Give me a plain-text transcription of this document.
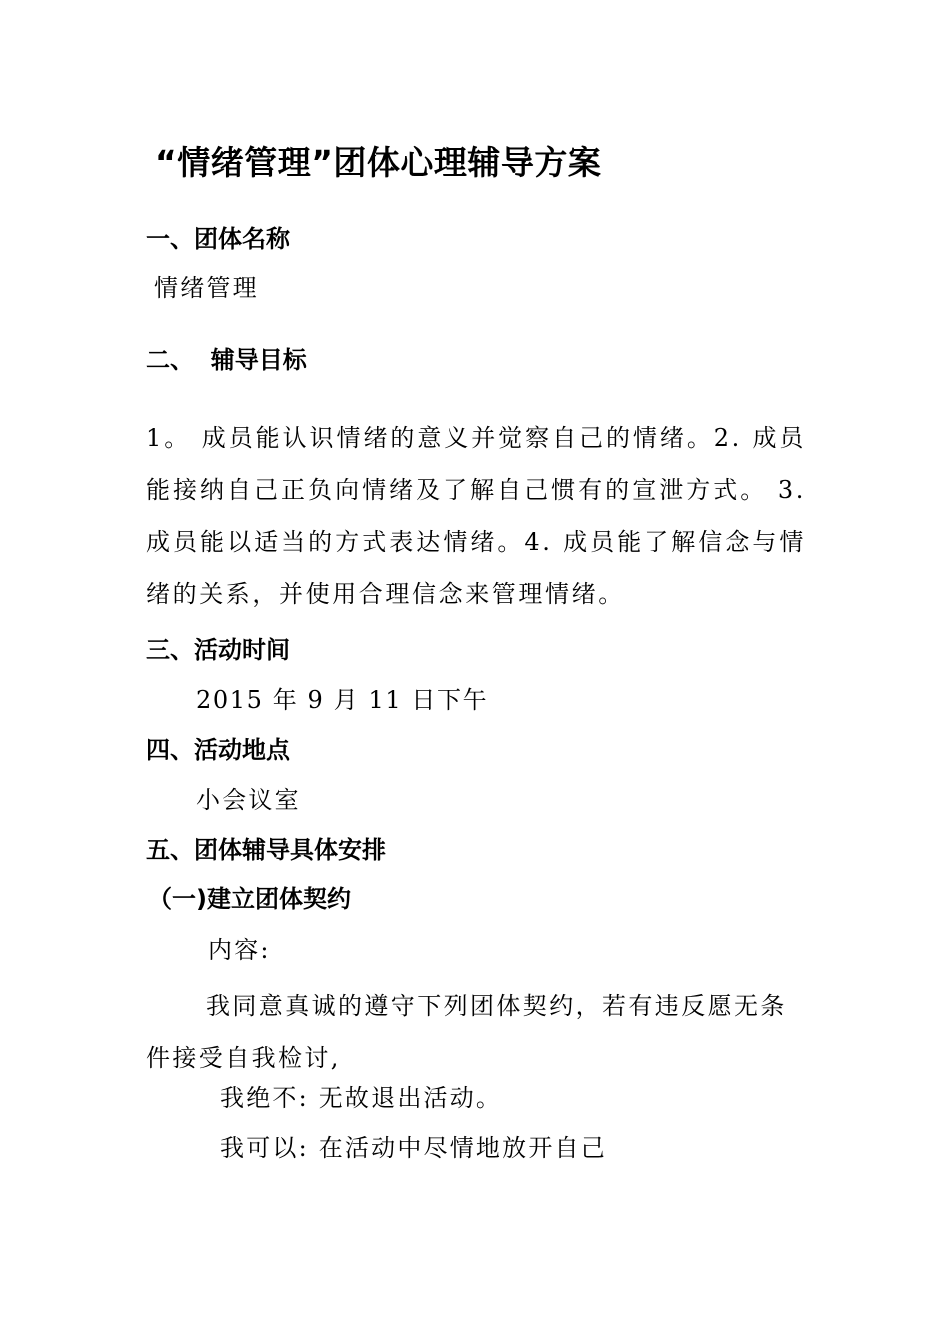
“情绪管理”团体心理辅导方案
一、团体名称
情绪管理
二、  辅导目标
1。 成员能认识情绪的意义并觉察自己的情绪。2. 成员能接纳自己正负向情绪及了解自己惯有的宣泄方式。 3. 成员能以适当的方式表达情绪。4. 成员能了解信念与情绪的关系，并使用合理信念来管理情绪。
三、活动时间
2015 年 9 月 11 日下午
四、活动地点
小会议室
五、团体辅导具体安排
（一)建立团体契约
内容:
我同意真诚的遵守下列团体契约，若有违反愿无条件接受自我检讨,
我绝不: 无故退出活动。
我可以: 在活动中尽情地放开自己
